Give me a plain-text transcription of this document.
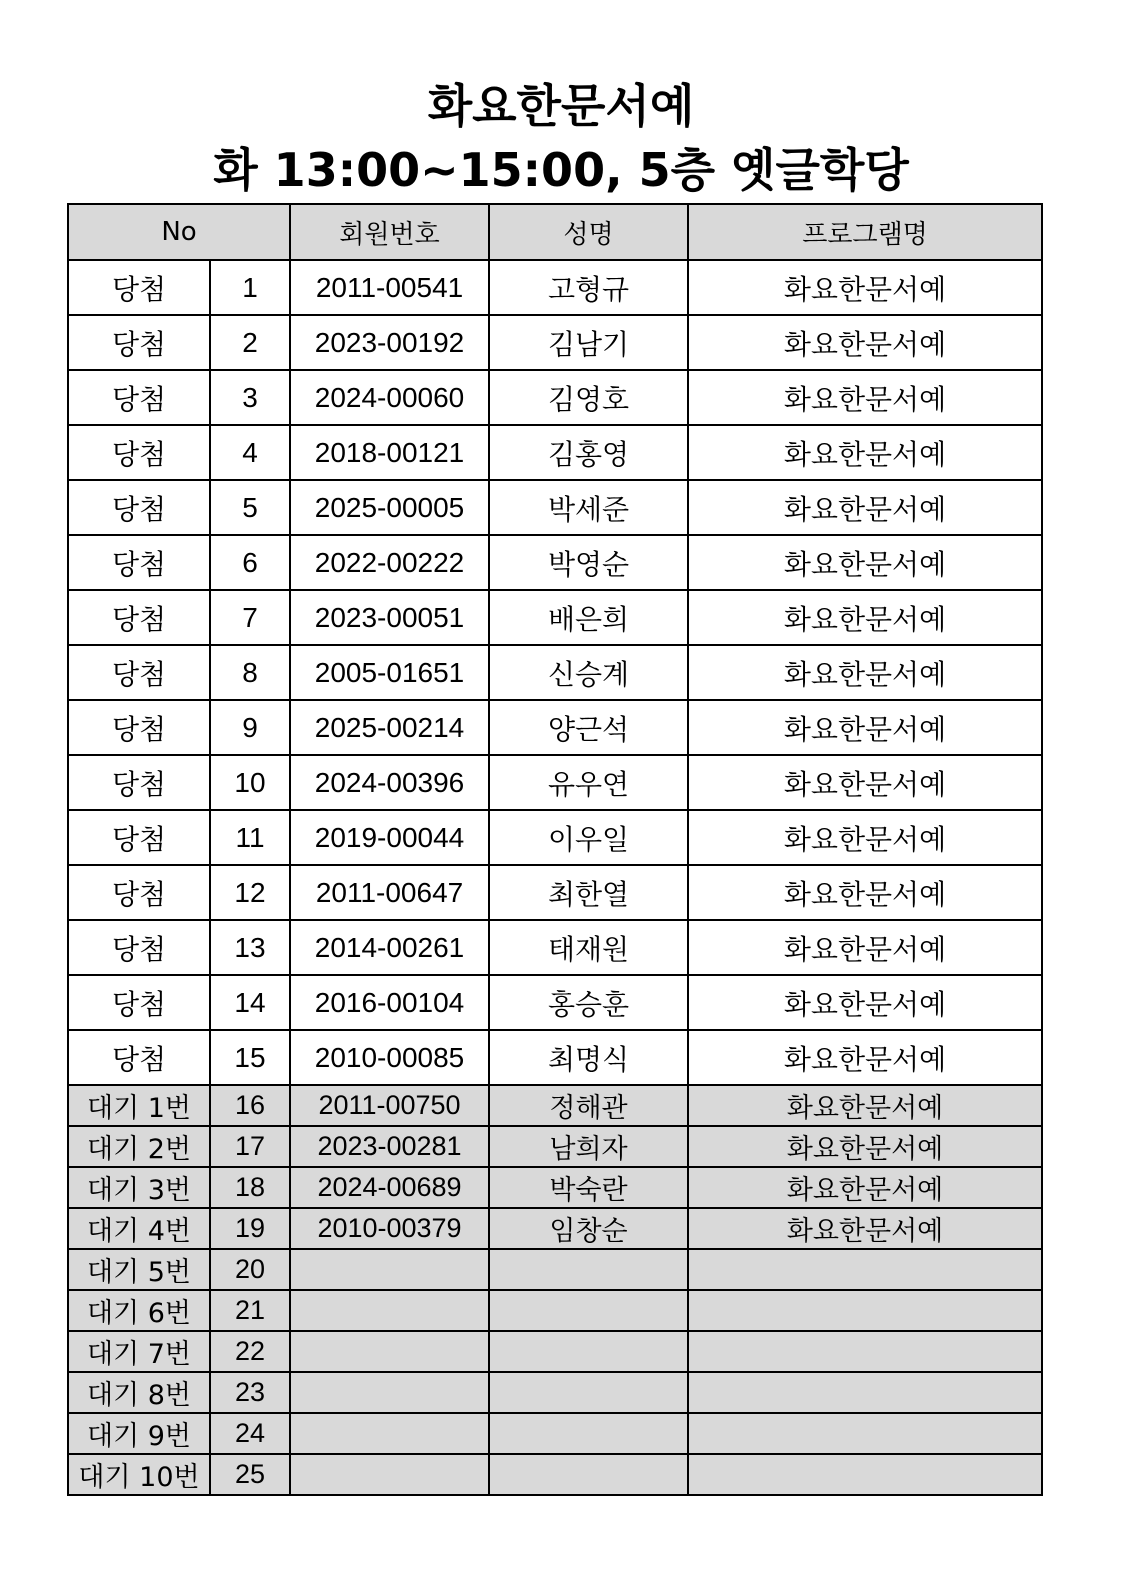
화요한문서예
화 13:00~15:00, 5층 옛글학당
No		회원번호	성명	프로그램명
당첨	1	2011-00541	고형규	화요한문서예
당첨	2	2023-00192	김남기	화요한문서예
당첨	3	2024-00060	김영호	화요한문서예
당첨	4	2018-00121	김홍영	화요한문서예
당첨	5	2025-00005	박세준	화요한문서예
당첨	6	2022-00222	박영순	화요한문서예
당첨	7	2023-00051	배은희	화요한문서예
당첨	8	2005-01651	신승계	화요한문서예
당첨	9	2025-00214	양근석	화요한문서예
당첨	10	2024-00396	유우연	화요한문서예
당첨	11	2019-00044	이우일	화요한문서예
당첨	12	2011-00647	최한열	화요한문서예
당첨	13	2014-00261	태재원	화요한문서예
당첨	14	2016-00104	홍승훈	화요한문서예
당첨	15	2010-00085	최명식	화요한문서예
대기 1번	16	2011-00750	정해관	화요한문서예
대기 2번	17	2023-00281	남희자	화요한문서예
대기 3번	18	2024-00689	박숙란	화요한문서예
대기 4번	19	2010-00379	임창순	화요한문서예
대기 5번	20			
대기 6번	21			
대기 7번	22			
대기 8번	23			
대기 9번	24			
대기 10번	25			
